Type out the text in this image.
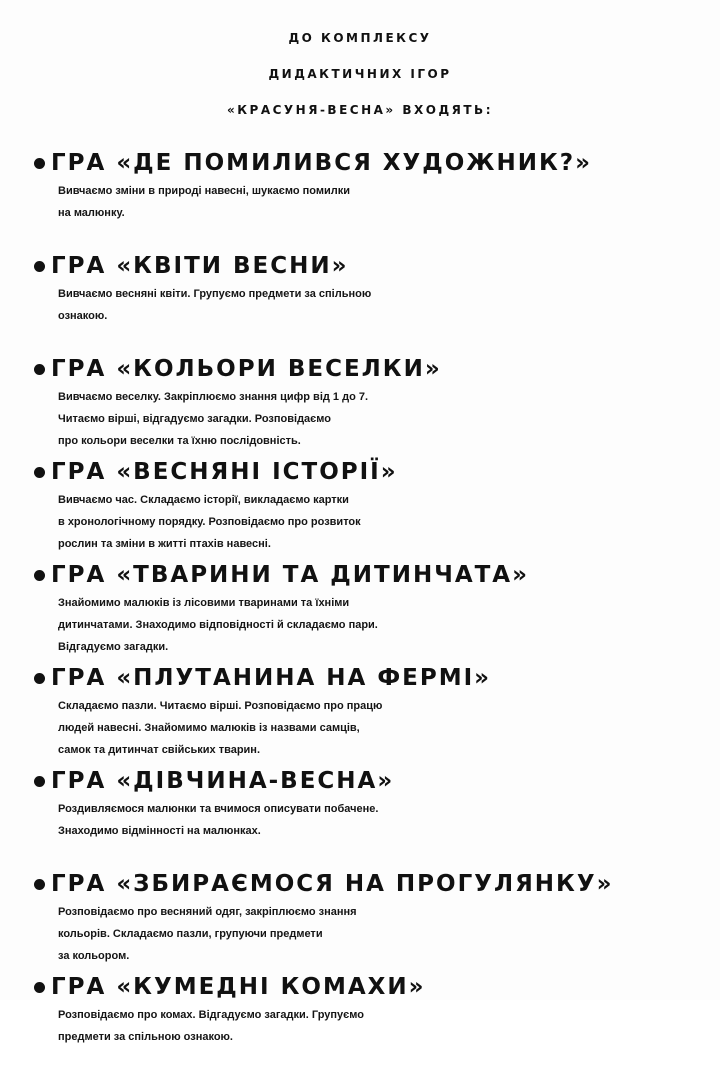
ДО КОМПЛЕКСУ
ДИДАКТИЧНИХ ІГОР
«КРАСУНЯ-ВЕСНА» ВХОДЯТЬ:
ГРА «ДЕ ПОМИЛИВСЯ ХУДОЖНИК?»
Вивчаємо зміни в природі навесні, шукаємо помилки
на малюнку.
ГРА «КВІТИ ВЕСНИ»
Вивчаємо весняні квіти. Групуємо предмети за спільною
ознакою.
ГРА «КОЛЬОРИ ВЕСЕЛКИ»
Вивчаємо веселку. Закріплюємо знання цифр від 1 до 7.
Читаємо вірші, відгадуємо загадки. Розповідаємо
про кольори веселки та їхню послідовність.
ГРА «ВЕСНЯНІ ІСТОРІЇ»
Вивчаємо час. Складаємо історії, викладаємо картки
в хронологічному порядку. Розповідаємо про розвиток
рослин та зміни в житті птахів навесні.
ГРА «ТВАРИНИ ТА ДИТИНЧАТА»
Знайомимо малюків із лісовими тваринами та їхніми
дитинчатами. Знаходимо відповідності й складаємо пари.
Відгадуємо загадки.
ГРА «ПЛУТАНИНА НА ФЕРМІ»
Складаємо пазли. Читаємо вірші. Розповідаємо про працю
людей навесні. Знайомимо малюків із назвами самців,
самок та дитинчат свійських тварин.
ГРА «ДІВЧИНА-ВЕСНА»
Роздивляємося малюнки та вчимося описувати побачене.
Знаходимо відмінності на малюнках.
ГРА «ЗБИРАЄМОСЯ НА ПРОГУЛЯНКУ»
Розповідаємо про весняний одяг, закріплюємо знання
кольорів. Складаємо пазли, групуючи предмети
за кольором.
ГРА «КУМЕДНІ КОМАХИ»
Розповідаємо про комах. Відгадуємо загадки. Групуємо
предмети за спільною ознакою.
